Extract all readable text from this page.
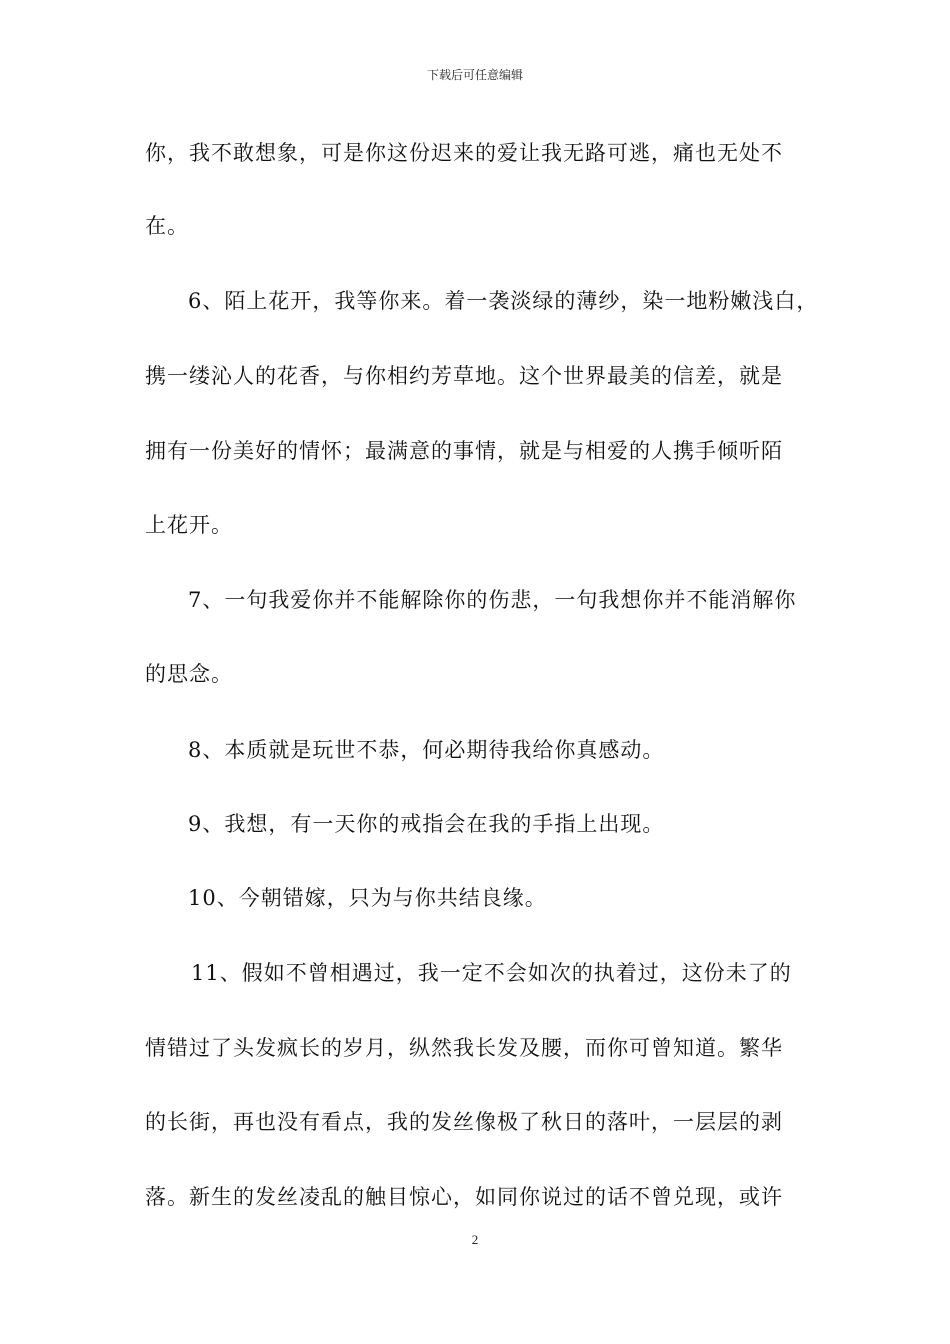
下载后可任意编辑
你，我不敢想象，可是你这份迟来的爱让我无路可逃，痛也无处不
在。
6、陌上花开，我等你来。着一袭淡绿的薄纱，染一地粉嫩浅白，
携一缕沁人的花香，与你相约芳草地。这个世界最美的信差，就是
拥有一份美好的情怀；最满意的事情，就是与相爱的人携手倾听陌
上花开。
7、一句我爱你并不能解除你的伤悲，一句我想你并不能消解你
的思念。
8、本质就是玩世不恭，何必期待我给你真感动。
9、我想，有一天你的戒指会在我的手指上出现。
10、今朝错嫁，只为与你共结良缘。
11、假如不曾相遇过，我一定不会如次的执着过，这份未了的
情错过了头发疯长的岁月，纵然我长发及腰，而你可曾知道。繁华
的长街，再也没有看点，我的发丝像极了秋日的落叶，一层层的剥
落。新生的发丝凌乱的触目惊心，如同你说过的话不曾兑现，或许
2
